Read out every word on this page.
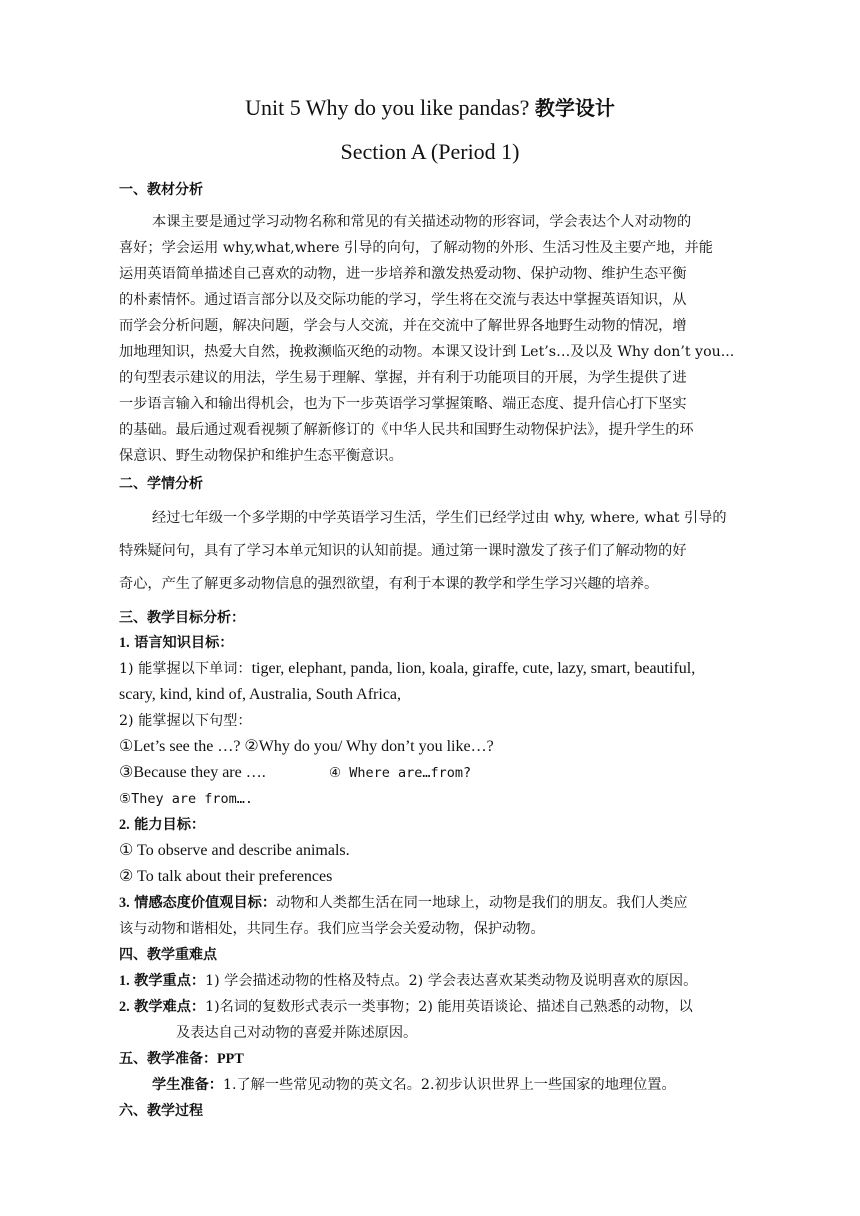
Unit 5 Why do you like pandas? 教学设计
Section A (Period 1)
一、教材分析
本课主要是通过学习动物名称和常见的有关描述动物的形容词，学会表达个人对动物的
喜好；学会运用 why,what,where 引导的向句，了解动物的外形、生活习性及主要产地，并能
运用英语简单描述自己喜欢的动物，进一步培养和激发热爱动物、保护动物、维护生态平衡
的朴素情怀。通过语言部分以及交际功能的学习，学生将在交流与表达中掌握英语知识，从
而学会分析问题，解决问题，学会与人交流，并在交流中了解世界各地野生动物的情况，增
加地理知识，热爱大自然，挽救濒临灭绝的动物。本课又设计到 Let’s…及以及 Why don’t you...
的句型表示建议的用法，学生易于理解、掌握，并有利于功能项目的开展，为学生提供了进
一步语言输入和输出得机会，也为下一步英语学习掌握策略、端正态度、提升信心打下坚实
的基础。最后通过观看视频了解新修订的《中华人民共和国野生动物保护法》，提升学生的环
保意识、野生动物保护和维护生态平衡意识。
二、学情分析
经过七年级一个多学期的中学英语学习生活，学生们已经学过由 why, where, what 引导的
特殊疑问句，具有了学习本单元知识的认知前提。通过第一课时激发了孩子们了解动物的好
奇心，产生了解更多动物信息的强烈欲望，有利于本课的教学和学生学习兴趣的培养。
三、教学目标分析：
1. 语言知识目标：
1) 能掌握以下单词：tiger, elephant, panda, lion, koala, giraffe, cute, lazy, smart, beautiful,
scary, kind, kind of, Australia, South Africa,
2) 能掌握以下句型：
①Let’s see the …? ②Why do you/ Why don’t you like…?
③Because they are ….	④ Where are…from?
⑤They are from….
2. 能力目标：
① To observe and describe animals.
② To talk about their preferences
3. 情感态度价值观目标：动物和人类都生活在同一地球上，动物是我们的朋友。我们人类应
该与动物和谐相处，共同生存。我们应当学会关爱动物，保护动物。
四、教学重难点
1. 教学重点：1) 学会描述动物的性格及特点。2) 学会表达喜欢某类动物及说明喜欢的原因。
2. 教学难点：1)名词的复数形式表示一类事物；2) 能用英语谈论、描述自己熟悉的动物，以
及表达自己对动物的喜爱并陈述原因。
五、教学准备：PPT
学生准备：1.了解一些常见动物的英文名。2.初步认识世界上一些国家的地理位置。
六、教学过程
